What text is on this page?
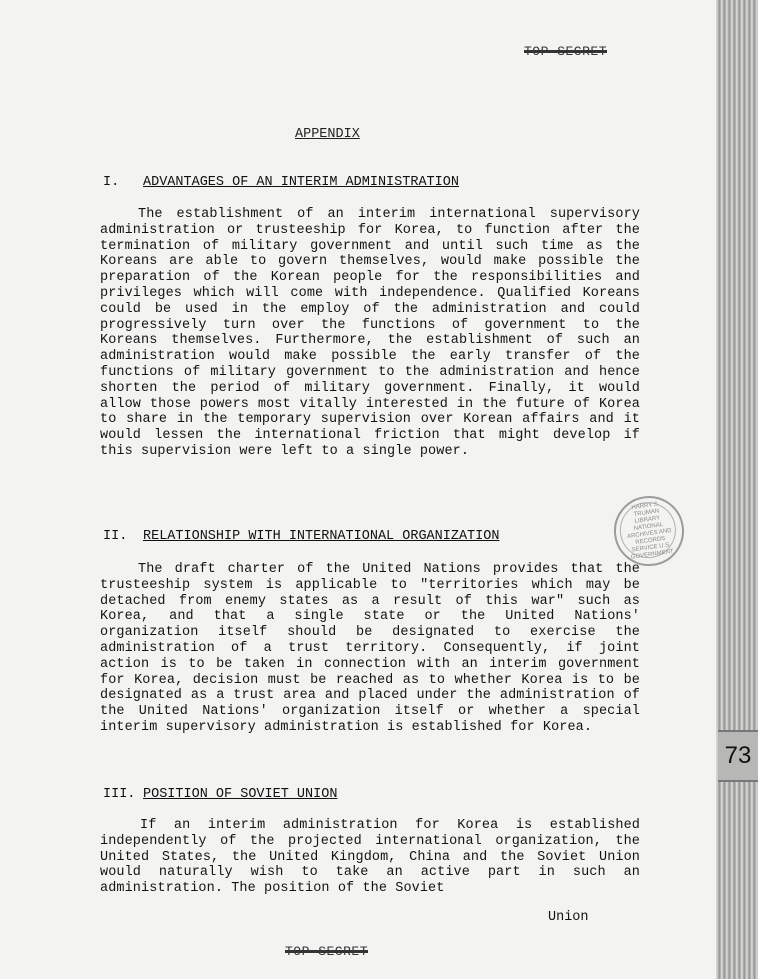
TOP SECRET
APPENDIX
I. ADVANTAGES OF AN INTERIM ADMINISTRATION

The establishment of an interim international supervisory administration or trusteeship for Korea, to function after the termination of military government and until such time as the Koreans are able to govern themselves, would make possible the preparation of the Korean people for the responsibilities and privileges which will come with independence. Qualified Koreans could be used in the employ of the administration and could progressively turn over the functions of government to the Koreans themselves. Furthermore, the establishment of such an administration would make possible the early transfer of the functions of military government to the administration and hence shorten the period of military government. Finally, it would allow those powers most vitally interested in the future of Korea to share in the temporary supervision over Korean affairs and it would lessen the international friction that might develop if this supervision were left to a single power.

II. RELATIONSHIP WITH INTERNATIONAL ORGANIZATION

The draft charter of the United Nations provides that the trusteeship system is applicable to "territories which may be detached from enemy states as a result of this war" such as Korea, and that a single state or the United Nations' organization itself should be designated to exercise the administration of a trust territory. Consequently, if joint action is to be taken in connection with an interim government for Korea, decision must be reached as to whether Korea is to be designated as a trust area and placed under the administration of the United Nations' organization itself or whether a special interim supervisory administration is established for Korea.

III. POSITION OF SOVIET UNION

If an interim administration for Korea is established independently of the projected international organization, the United States, the United Kingdom, China and the Soviet Union would naturally wish to take an active part in such an administration. The position of the Soviet

Union
TOP SECRET
HARRY S. TRUMAN LIBRARY NATIONAL ARCHIVES AND RECORDS SERVICE U.S. GOVERNMENT
73
